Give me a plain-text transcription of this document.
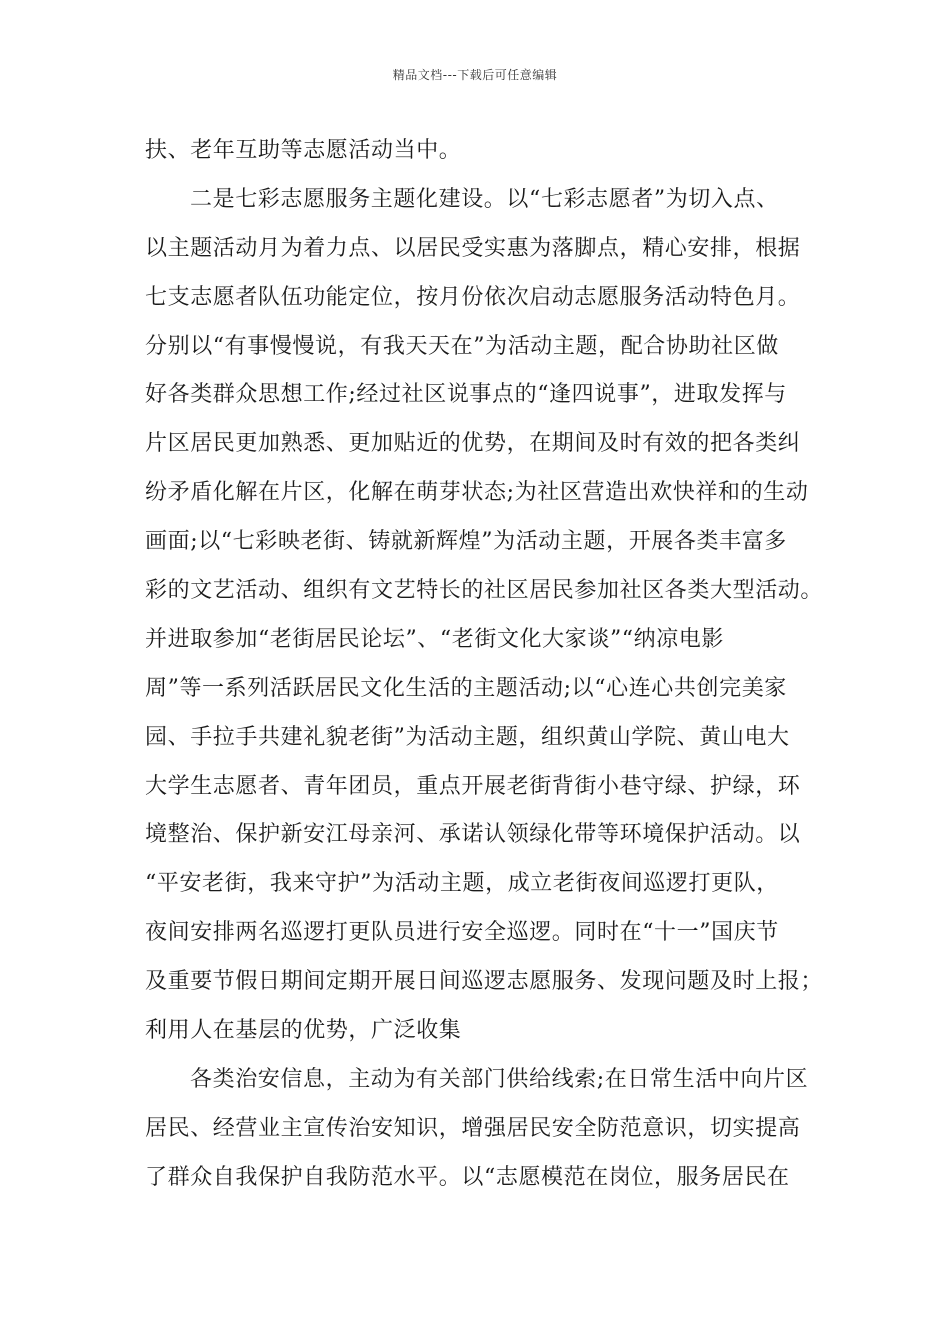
精品文档---下载后可任意编辑
扶、老年互助等志愿活动当中。
二是七彩志愿服务主题化建设。以“七彩志愿者”为切入点、
以主题活动月为着力点、以居民受实惠为落脚点，精心安排，根据
七支志愿者队伍功能定位，按月份依次启动志愿服务活动特色月。
分别以“有事慢慢说，有我天天在”为活动主题，配合协助社区做
好各类群众思想工作;经过社区说事点的“逢四说事”，进取发挥与
片区居民更加熟悉、更加贴近的优势，在期间及时有效的把各类纠
纷矛盾化解在片区，化解在萌芽状态;为社区营造出欢快祥和的生动
画面;以“七彩映老街、铸就新辉煌”为活动主题，开展各类丰富多
彩的文艺活动、组织有文艺特长的社区居民参加社区各类大型活动。
并进取参加“老街居民论坛”、“老街文化大家谈”“纳凉电影
周”等一系列活跃居民文化生活的主题活动;以“心连心共创完美家
园、手拉手共建礼貌老街”为活动主题，组织黄山学院、黄山电大
大学生志愿者、青年团员，重点开展老街背街小巷守绿、护绿，环
境整治、保护新安江母亲河、承诺认领绿化带等环境保护活动。以
“平安老街，我来守护”为活动主题，成立老街夜间巡逻打更队，
夜间安排两名巡逻打更队员进行安全巡逻。同时在“十一”国庆节
及重要节假日期间定期开展日间巡逻志愿服务、发现问题及时上报；
利用人在基层的优势，广泛收集
各类治安信息，主动为有关部门供给线索;在日常生活中向片区
居民、经营业主宣传治安知识，增强居民安全防范意识，切实提高
了群众自我保护自我防范水平。以“志愿模范在岗位，服务居民在
